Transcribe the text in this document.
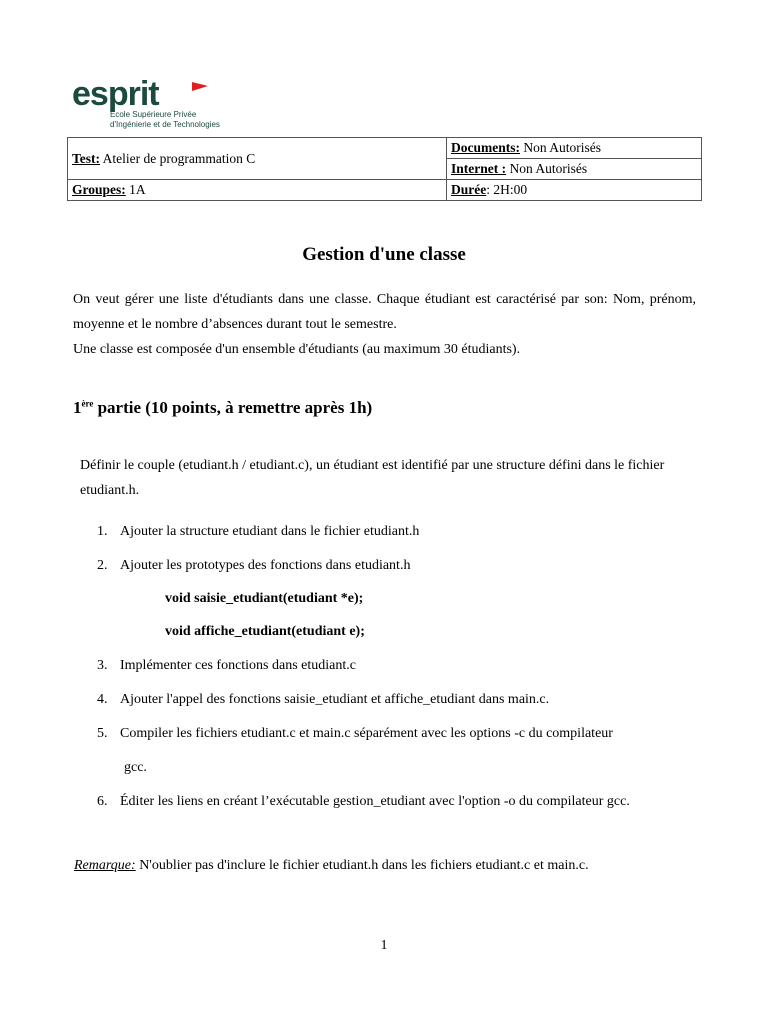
esprit
Ecole Supérieure Privée
d'Ingénierie et de Technologies
Test: Atelier de programmation C	Documents: Non Autorisés
	Internet : Non Autorisés
Groupes: 1A	Durée: 2H:00
Gestion d'une classe
On veut gérer une liste d'étudiants dans une classe. Chaque étudiant est caractérisé par son: Nom, prénom, moyenne et le nombre d’absences durant tout le semestre.
Une classe est composée d'un ensemble d'étudiants (au maximum 30 étudiants).
1ère partie (10 points, à remettre après 1h)
Définir le couple (etudiant.h / etudiant.c), un étudiant est identifié par une structure défini dans le fichier etudiant.h.
1. Ajouter la structure etudiant dans le fichier etudiant.h
2. Ajouter les prototypes des fonctions dans etudiant.h
void saisie_etudiant(etudiant *e);
void affiche_etudiant(etudiant e);
3. Implémenter ces fonctions dans etudiant.c
4. Ajouter l'appel des fonctions saisie_etudiant et affiche_etudiant dans main.c.
5. Compiler les fichiers etudiant.c et main.c séparément avec les options -c du compilateur
gcc.
6. Éditer les liens en créant l’exécutable gestion_etudiant avec l'option -o du compilateur gcc.
Remarque: N'oublier pas d'inclure le fichier etudiant.h dans les fichiers etudiant.c et main.c.
1
